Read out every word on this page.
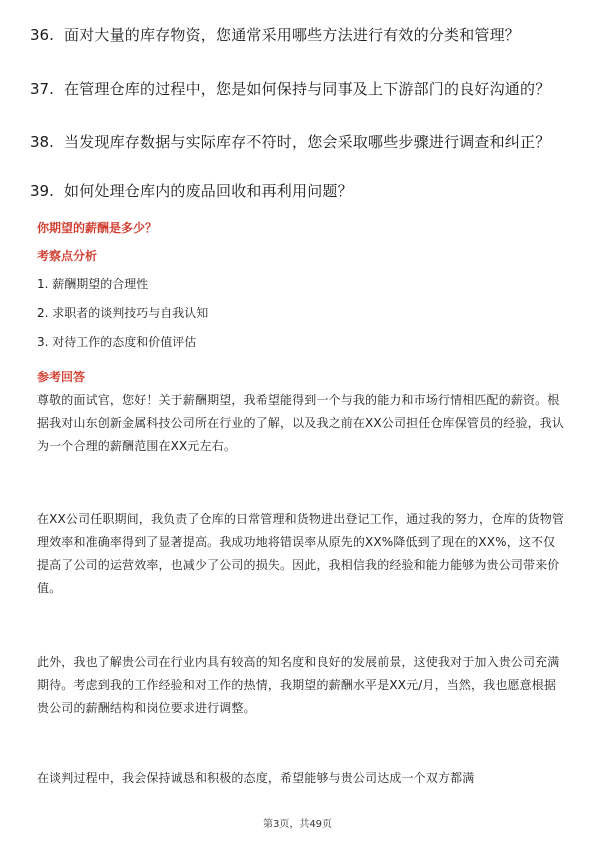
36. 面对大量的库存物资，您通常采用哪些方法进行有效的分类和管理？
37. 在管理仓库的过程中，您是如何保持与同事及上下游部门的良好沟通的？
38. 当发现库存数据与实际库存不符时，您会采取哪些步骤进行调查和纠正？
39. 如何处理仓库内的废品回收和再利用问题？
你期望的薪酬是多少？
考察点分析
1. 薪酬期望的合理性
2. 求职者的谈判技巧与自我认知
3. 对待工作的态度和价值评估
参考回答
尊敬的面试官，您好！关于薪酬期望，我希望能得到一个与我的能力和市场行情相匹配的薪资。根据我对山东创新金属科技公司所在行业的了解，以及我之前在XX公司担任仓库保管员的经验，我认为一个合理的薪酬范围在XX元左右。
在XX公司任职期间，我负责了仓库的日常管理和货物进出登记工作，通过我的努力，仓库的货物管理效率和准确率得到了显著提高。我成功地将错误率从原先的XX%降低到了现在的XX%，这不仅提高了公司的运营效率，也减少了公司的损失。因此，我相信我的经验和能力能够为贵公司带来价值。
此外，我也了解贵公司在行业内具有较高的知名度和良好的发展前景，这使我对于加入贵公司充满期待。考虑到我的工作经验和对工作的热情，我期望的薪酬水平是XX元/月，当然，我也愿意根据贵公司的薪酬结构和岗位要求进行调整。
在谈判过程中，我会保持诚恳和积极的态度，希望能够与贵公司达成一个双方都满
第3页，共49页
